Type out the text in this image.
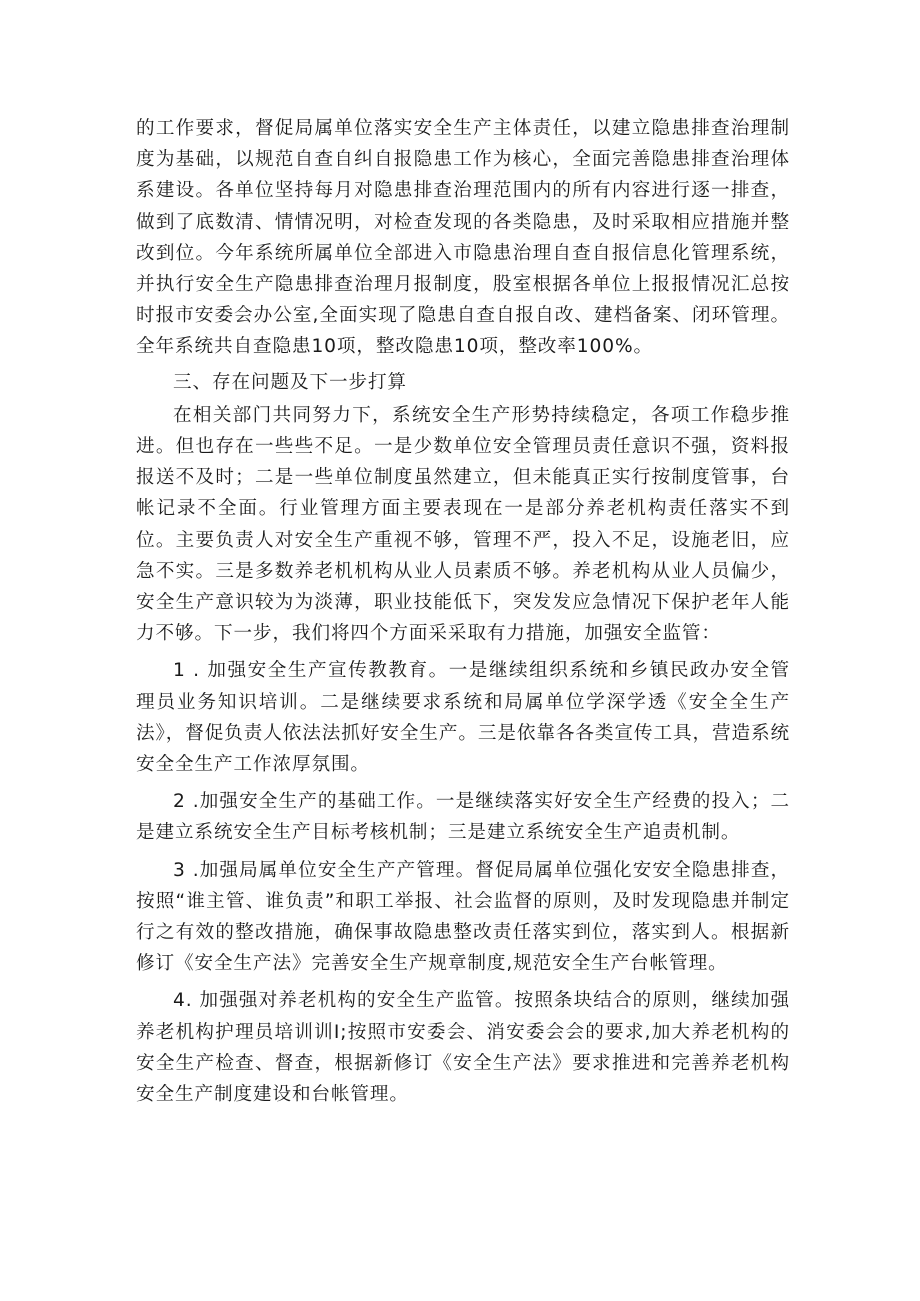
的工作要求，督促局属单位落实安全生产主体责任，以建立隐患排查治理制度为基础，以规范自查自纠自报隐患工作为核心，全面完善隐患排查治理体系建设。各单位坚持每月对隐患排查治理范围内的所有内容进行逐一排查，做到了底数清、情情况明，对检查发现的各类隐患，及时采取相应措施并整改到位。今年系统所属单位全部进入市隐患治理自查自报信息化管理系统，并执行安全生产隐患排查治理月报制度，股室根据各单位上报报情况汇总按时报市安委会办公室,全面实现了隐患自查自报自改、建档备案、闭环管理。全年系统共自查隐患10项，整改隐患10项，整改率100%。

三、存在问题及下一步打算

在相关部门共同努力下，系统安全生产形势持续稳定，各项工作稳步推进。但也存在一些些不足。一是少数单位安全管理员责任意识不强，资料报报送不及时；二是一些单位制度虽然建立，但未能真正实行按制度管事，台帐记录不全面。行业管理方面主要表现在一是部分养老机构责任落实不到位。主要负责人对安全生产重视不够，管理不严，投入不足，设施老旧，应急不实。三是多数养老机机构从业人员素质不够。养老机构从业人员偏少，安全生产意识较为为淡薄，职业技能低下，突发发应急情况下保护老年人能力不够。下一步，我们将四个方面采采取有力措施，加强安全监管：

1 . 加强安全生产宣传教教育。一是继续组织系统和乡镇民政办安全管理员业务知识培训。二是继续要求系统和局属单位学深学透《安全全生产法》，督促负责人依法法抓好安全生产。三是依靠各各类宣传工具，营造系统安全全生产工作浓厚氛围。

2 .加强安全生产的基础工作。一是继续落实好安全生产经费的投入；二是建立系统安全生产目标考核机制；三是建立系统安全生产追责机制。

3 .加强局属单位安全生产产管理。督促局属单位强化安安全隐患排查，按照“谁主管、谁负责”和职工举报、社会监督的原则，及时发现隐患并制定行之有效的整改措施，确保事故隐患整改责任落实到位，落实到人。根据新修订《安全生产法》完善安全生产规章制度,规范安全生产台帐管理。

4. 加强强对养老机构的安全生产监管。按照条块结合的原则，继续加强养老机构护理员培训训I;按照市安委会、消安委会会的要求,加大养老机构的安全生产检查、督查，根据新修订《安全生产法》要求推进和完善养老机构安全生产制度建设和台帐管理。
